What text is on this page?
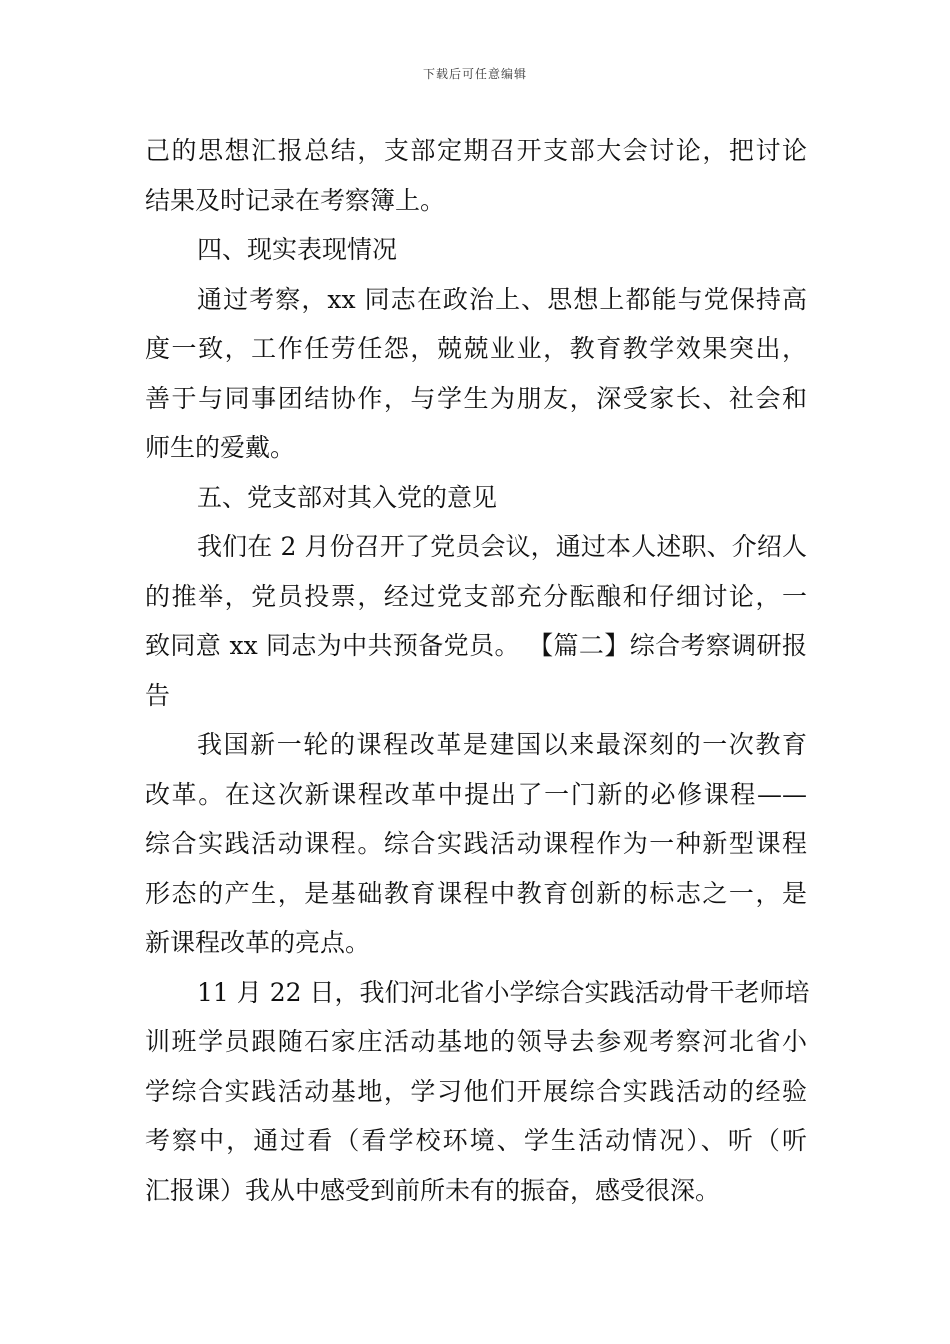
下载后可任意编辑
己的思想汇报总结，支部定期召开支部大会讨论，把讨论
结果及时记录在考察簿上。
四、现实表现情况
通过考察，xx 同志在政治上、思想上都能与党保持高
度一致，工作任劳任怨，兢兢业业，教育教学效果突出，
善于与同事团结协作，与学生为朋友，深受家长、社会和
师生的爱戴。
五、党支部对其入党的意见
我们在 2 月份召开了党员会议，通过本人述职、介绍人
的推举，党员投票，经过党支部充分酝酿和仔细讨论，一
致同意 xx 同志为中共预备党员。 【篇二】综合考察调研报
告
我国新一轮的课程改革是建国以来最深刻的一次教育
改革。在这次新课程改革中提出了一门新的必修课程——
综合实践活动课程。综合实践活动课程作为一种新型课程
形态的产生，是基础教育课程中教育创新的标志之一，是
新课程改革的亮点。
11 月 22 日，我们河北省小学综合实践活动骨干老师培
训班学员跟随石家庄活动基地的领导去参观考察河北省小
学综合实践活动基地，学习他们开展综合实践活动的经验
考察中，通过看（看学校环境、学生活动情况）、听（听
汇报课）我从中感受到前所未有的振奋，感受很深。
